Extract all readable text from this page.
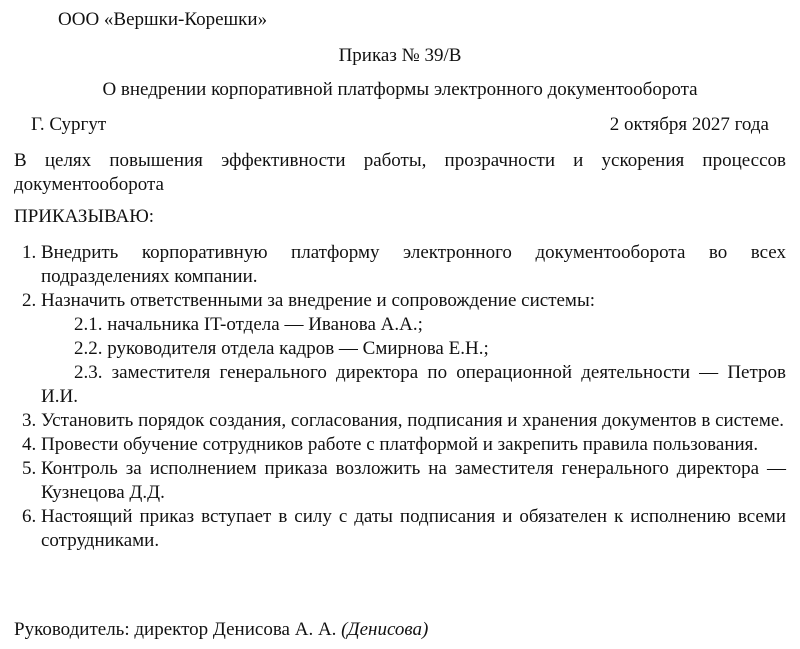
ООО «Вершки-Корешки»
Приказ № 39/В
О внедрении корпоративной платформы электронного документооборота
Г. Сургут	2 октября 2027 года
В целях повышения эффективности работы, прозрачности и ускорения процессов документооборота
ПРИКАЗЫВАЮ:
1. Внедрить корпоративную платформу электронного документооборота во всех подразделениях компании.
2. Назначить ответственными за внедрение и сопровождение системы:
2.1. начальника IT-отдела — Иванова А.А.;
2.2. руководителя отдела кадров — Смирнова Е.Н.;
2.3. заместителя генерального директора по операционной деятельности — Петров И.И.
3. Установить порядок создания, согласования, подписания и хранения документов в системе.
4. Провести обучение сотрудников работе с платформой и закрепить правила пользования.
5. Контроль за исполнением приказа возложить на заместителя генерального директора — Кузнецова Д.Д.
6. Настоящий приказ вступает в силу с даты подписания и обязателен к исполнению всеми сотрудниками.
Руководитель: директор Денисова А. А. (Денисова)
